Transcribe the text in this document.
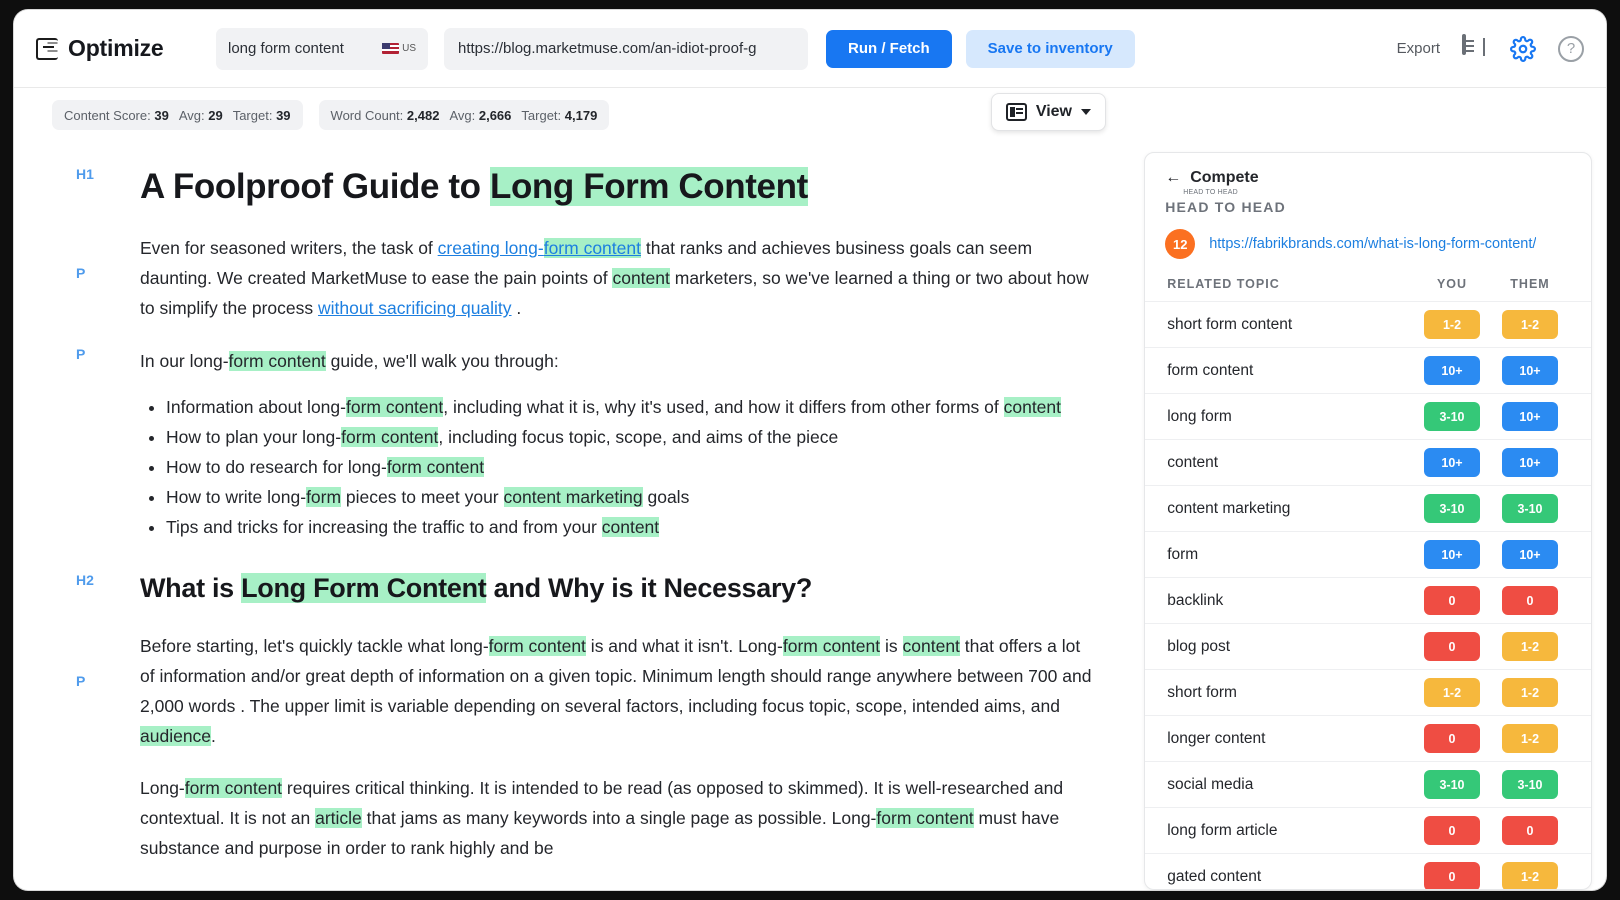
Optimize	long form content	US	https://blog.marketmuse.com/an-idiot-proof-g	Run / Fetch	Save to inventory	Export	?
Content Score: 39 Avg: 29 Target: 39	Word Count: 2,482 Avg: 2,666 Target: 4,179	View
H1 A Foolproof Guide to Long Form Content
P

Even for seasoned writers, the task of creating long-form content that ranks and achieves business goals can seem daunting. We created MarketMuse to ease the pain points of content marketers, so we've learned a thing or two about how to simplify the process without sacrificing quality .

P	In our long-form content guide, we'll walk you through:

• Information about long-form content, including what it is, why it's used, and how it differs from other forms of content
• How to plan your long-form content, including focus topic, scope, and aims of the piece
• How to do research for long-form content
• How to write long-form pieces to meet your content marketing goals
• Tips and tricks for increasing the traffic to and from your content
H2 What is Long Form Content and Why is it Necessary?
P

Before starting, let's quickly tackle what long-form content is and what it isn't. Long-form content is content that offers a lot of information and/or great depth of information on a given topic. Minimum length should range anywhere between 700 and 2,000 words . The upper limit is variable depending on several factors, including focus topic, scope, intended aims, and audience.

Long-form content requires critical thinking. It is intended to be read (as opposed to skimmed). It is well-researched and contextual. It is not an article that jams as many keywords into a single page as possible. Long-form content must have substance and purpose in order to rank highly and be

← Compete
HEAD TO HEAD
HEAD TO HEAD
12	https://fabrikbrands.com/what-is-long-form-content/
RELATED TOPIC	YOU	THEM
short form content	1-2	1-2
form content	10+	10+
long form	3-10	10+
content	10+	10+
content marketing	3-10	3-10
form	10+	10+
backlink	0	0
blog post	0	1-2
short form	1-2	1-2
longer content	0	1-2
social media	3-10	3-10
long form article	0	0
gated content	0	1-2
